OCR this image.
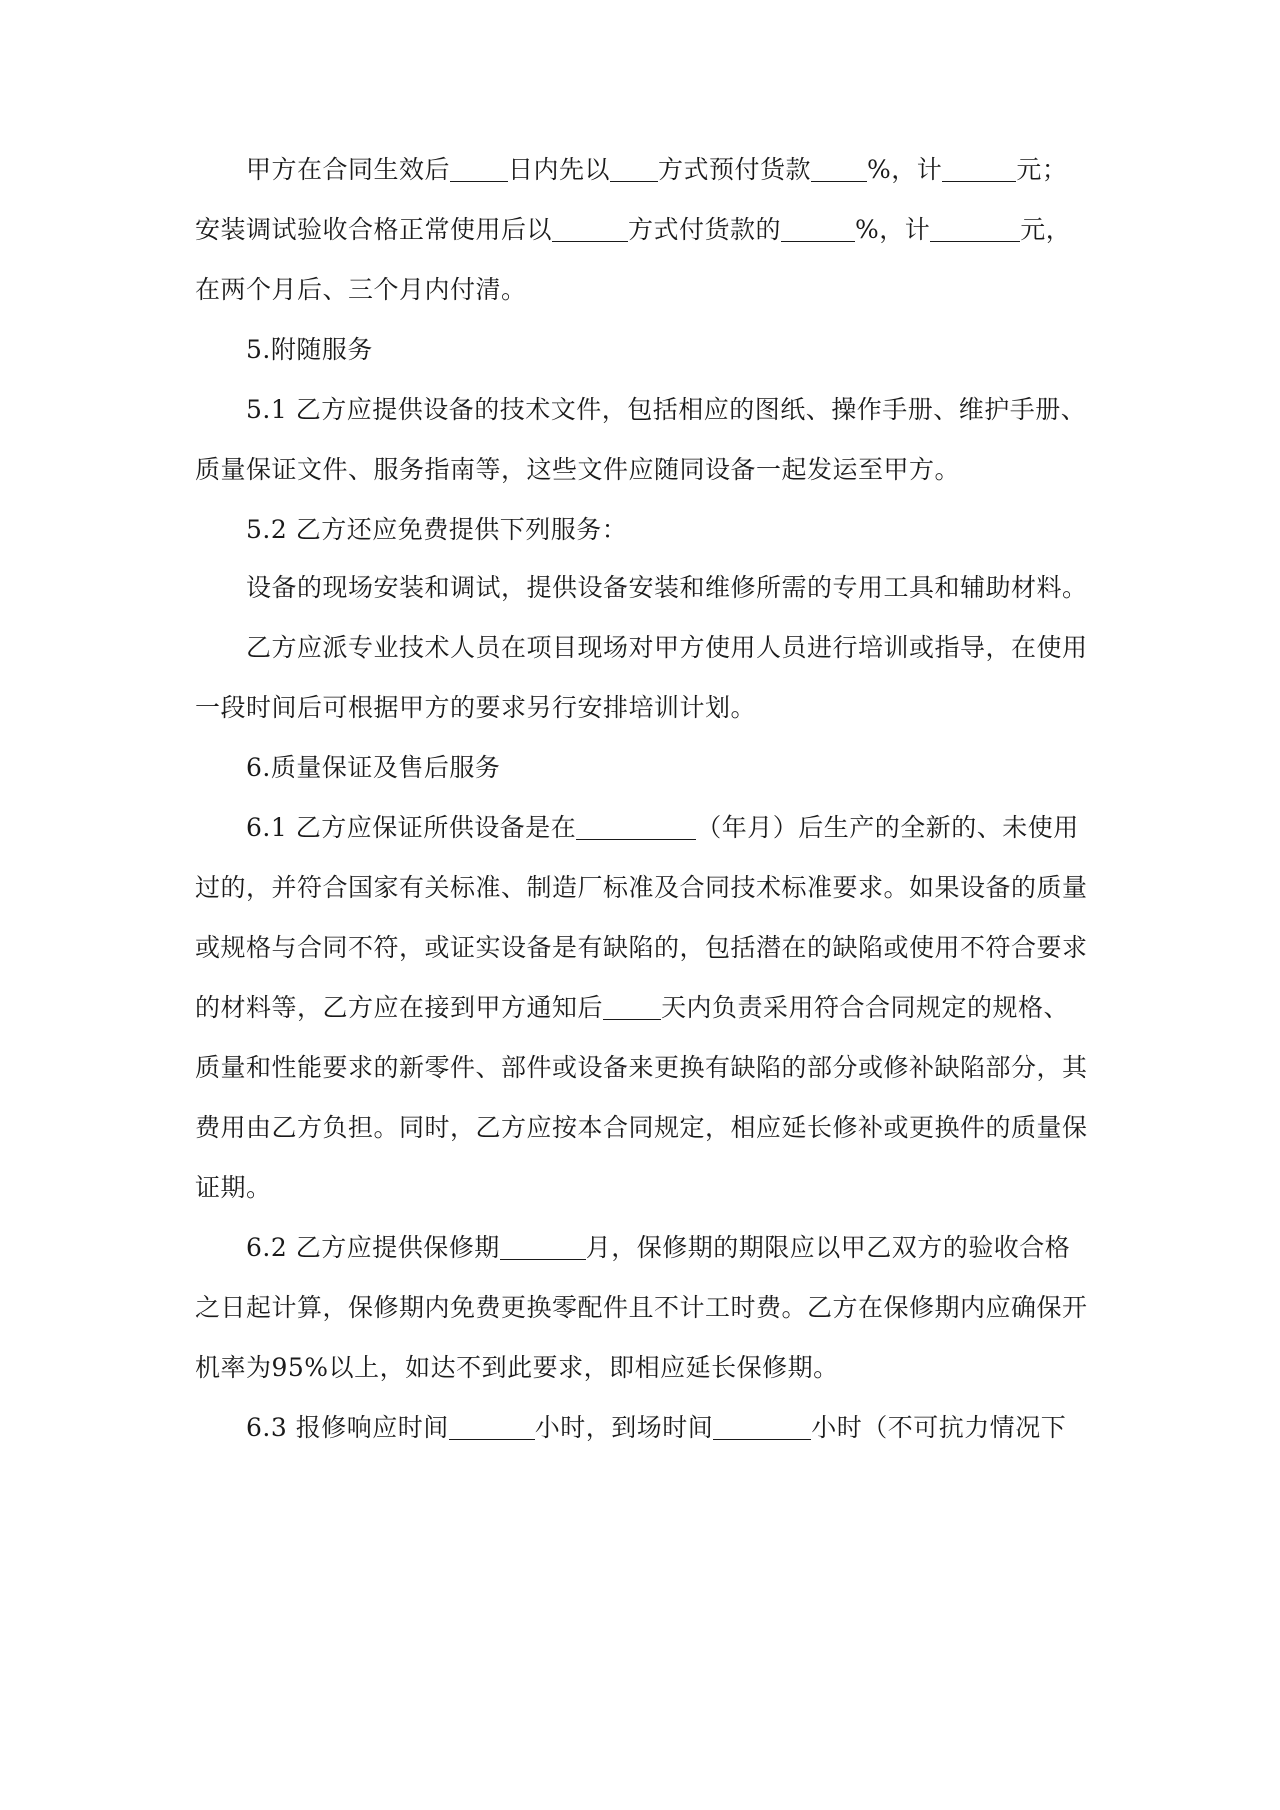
甲方在合同生效后 日内先以 方式预付货款 %，计	元；
安装调试验收合格正常使用后以	方式付货款的	%，计	元，
在两个月后、三个月内付清。
5.附随服务
5.1 乙方应提供设备的技术文件，包括相应的图纸、操作手册、维护手册、
质量保证文件、服务指南等，这些文件应随同设备一起发运至甲方。
5.2 乙方还应免费提供下列服务：
设备的现场安装和调试，提供设备安装和维修所需的专用工具和辅助材料。
乙方应派专业技术人员在项目现场对甲方使用人员进行培训或指导，在使用
一段时间后可根据甲方的要求另行安排培训计划。
6.质量保证及售后服务
6.1 乙方应保证所供设备是在	（年月）后生产的全新的、未使用
过的，并符合国家有关标准、制造厂标准及合同技术标准要求。如果设备的质量
或规格与合同不符，或证实设备是有缺陷的，包括潜在的缺陷或使用不符合要求
的材料等，乙方应在接到甲方通知后 天内负责采用符合合同规定的规格、
质量和性能要求的新零件、部件或设备来更换有缺陷的部分或修补缺陷部分，其
费用由乙方负担。同时，乙方应按本合同规定，相应延长修补或更换件的质量保
证期。
6.2 乙方应提供保修期	月，保修期的期限应以甲乙双方的验收合格
之日起计算，保修期内免费更换零配件且不计工时费。乙方在保修期内应确保开
机率为95%以上，如达不到此要求，即相应延长保修期。
6.3 报修响应时间	小时，到场时间	小时（不可抗力情况下
